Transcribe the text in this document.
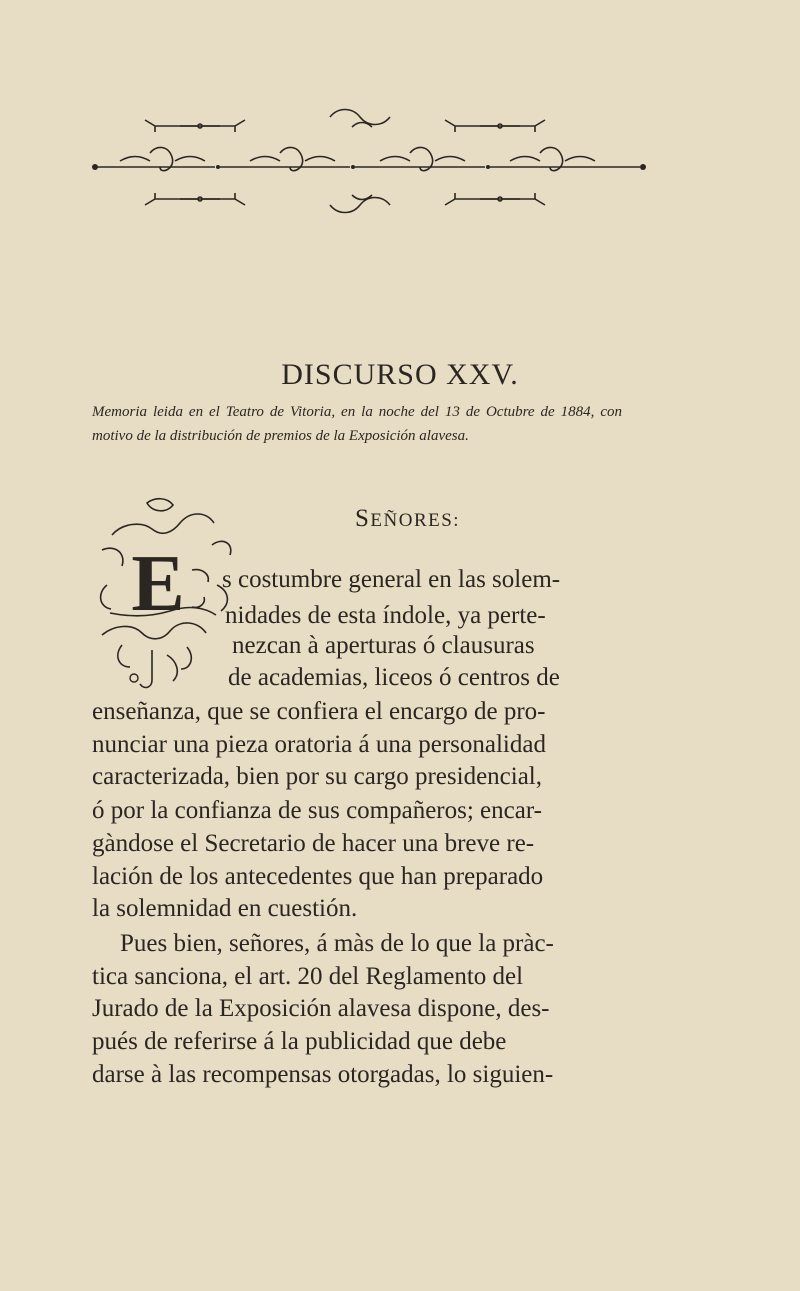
DISCURSO XXV.
Memoria leida en el Teatro de Vitoria, en la noche del 13 de Octubre de 1884, con motivo de la distribución de premios de la Exposición alavesa.
SEÑORES:
E s costumbre general en las solem-
nidades de esta índole, ya perte-
nezcan à aperturas ó clausuras
de academias, liceos ó centros de
enseñanza, que se confiera el encargo de pro-
nunciar una pieza oratoria á una personalidad
caracterizada, bien por su cargo presidencial,
ó por la confianza de sus compañeros; encar-
gàndose el Secretario de hacer una breve re-
lación de los antecedentes que han preparado
la solemnidad en cuestión.
Pues bien, señores, á màs de lo que la pràc-
tica sanciona, el art. 20 del Reglamento del
Jurado de la Exposición alavesa dispone, des-
pués de referirse á la publicidad que debe
darse à las recompensas otorgadas, lo siguien-
